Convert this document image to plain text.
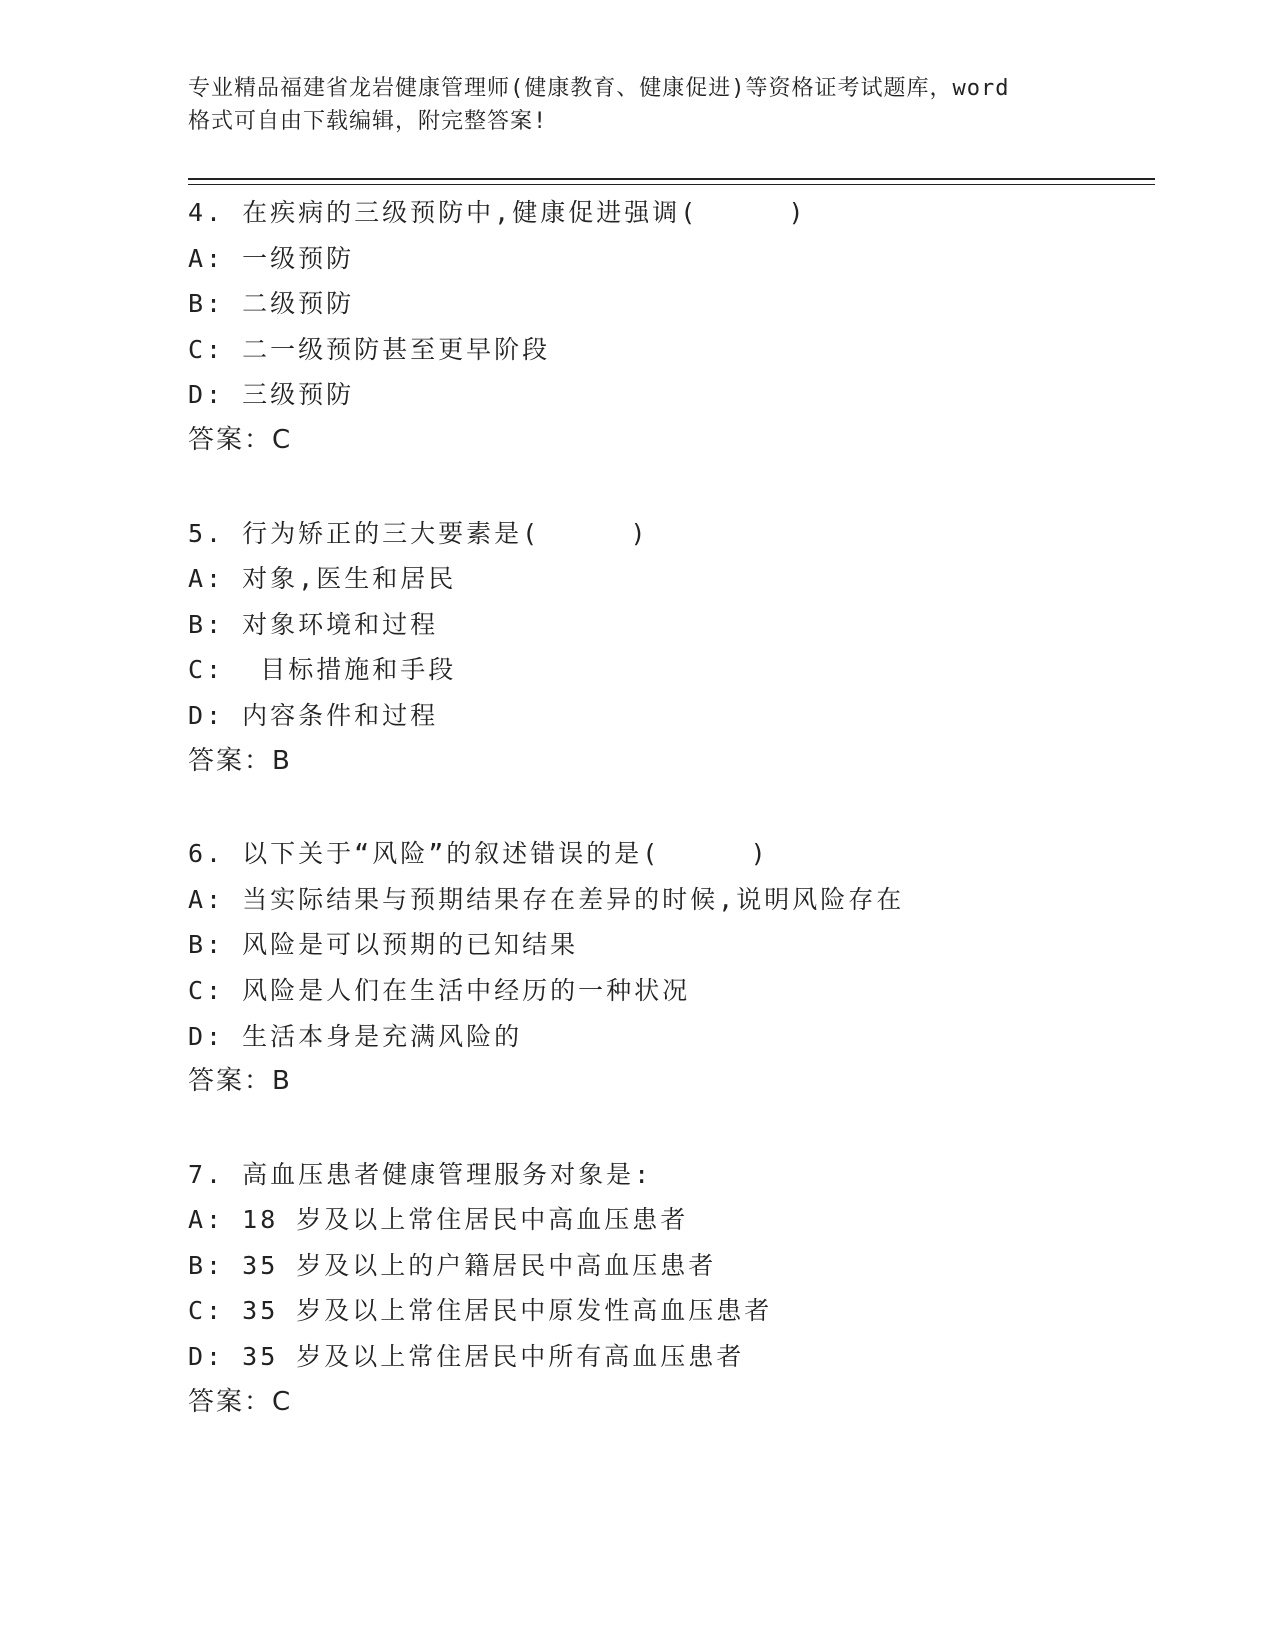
专业精品福建省龙岩健康管理师(健康教育、健康促进)等资格证考试题库，word
格式可自由下载编辑，附完整答案!
4. 在疾病的三级预防中,健康促进强调(     )
A: 一级预防
B: 二级预防
C: 二一级预防甚至更早阶段
D: 三级预防
答案：C
5. 行为矫正的三大要素是(     )
A: 对象,医生和居民
B: 对象环境和过程
C:  目标措施和手段
D: 内容条件和过程
答案：B
6. 以下关于“风险”的叙述错误的是(     )
A: 当实际结果与预期结果存在差异的时候,说明风险存在
B: 风险是可以预期的已知结果
C: 风险是人们在生活中经历的一种状况
D: 生活本身是充满风险的
答案：B
7. 高血压患者健康管理服务对象是:
A: 18 岁及以上常住居民中高血压患者
B: 35 岁及以上的户籍居民中高血压患者
C: 35 岁及以上常住居民中原发性高血压患者
D: 35 岁及以上常住居民中所有高血压患者
答案：C
